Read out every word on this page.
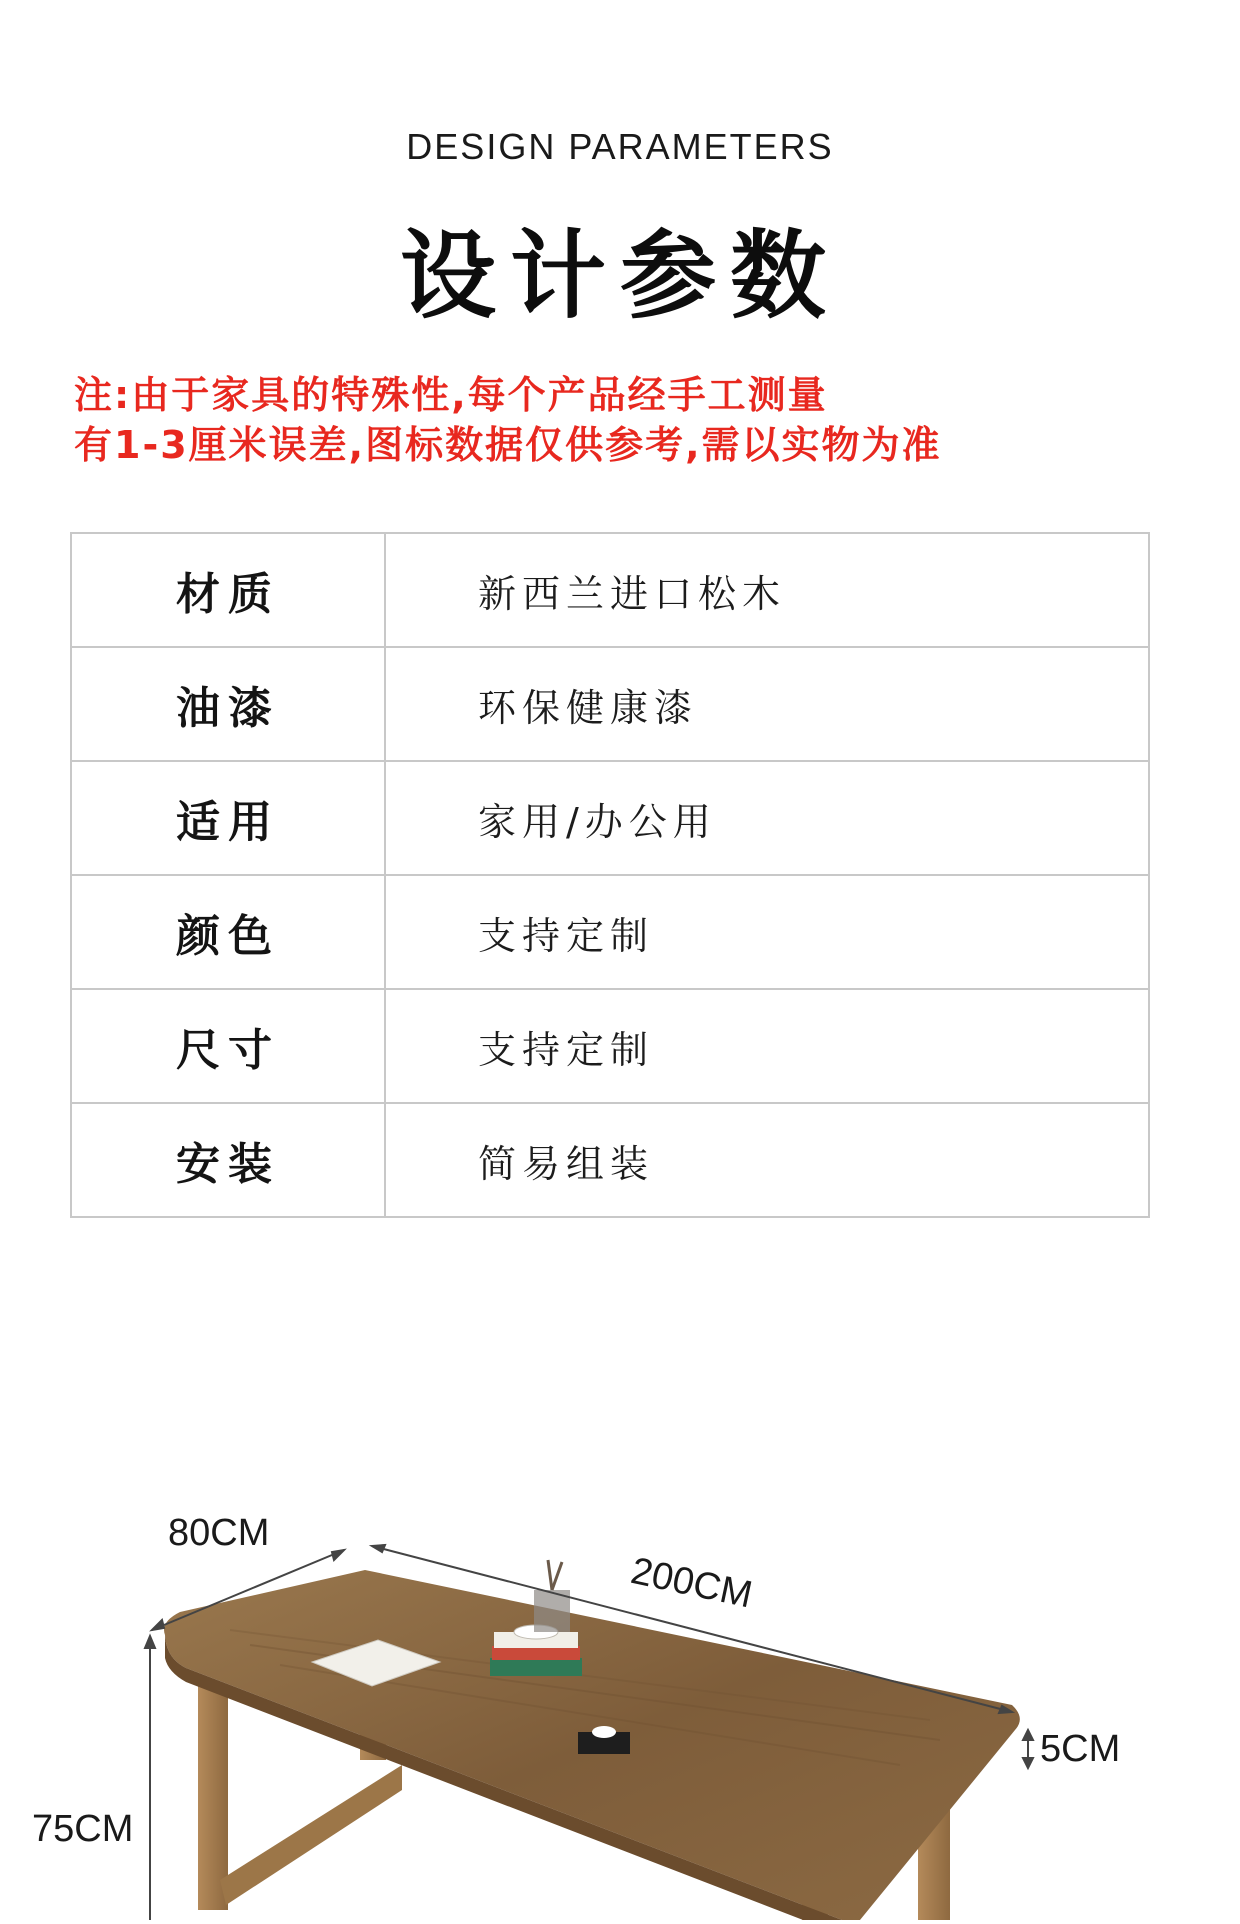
DESIGN PARAMETERS
设计参数
注:由于家具的特殊性,每个产品经手工测量
有1-3厘米误差,图标数据仅供参考,需以实物为准
材质	新西兰进口松木
油漆	环保健康漆
适用	家用/办公用
颜色	支持定制
尺寸	支持定制
安装	简易组装
80CM
200CM
5CM
75CM
